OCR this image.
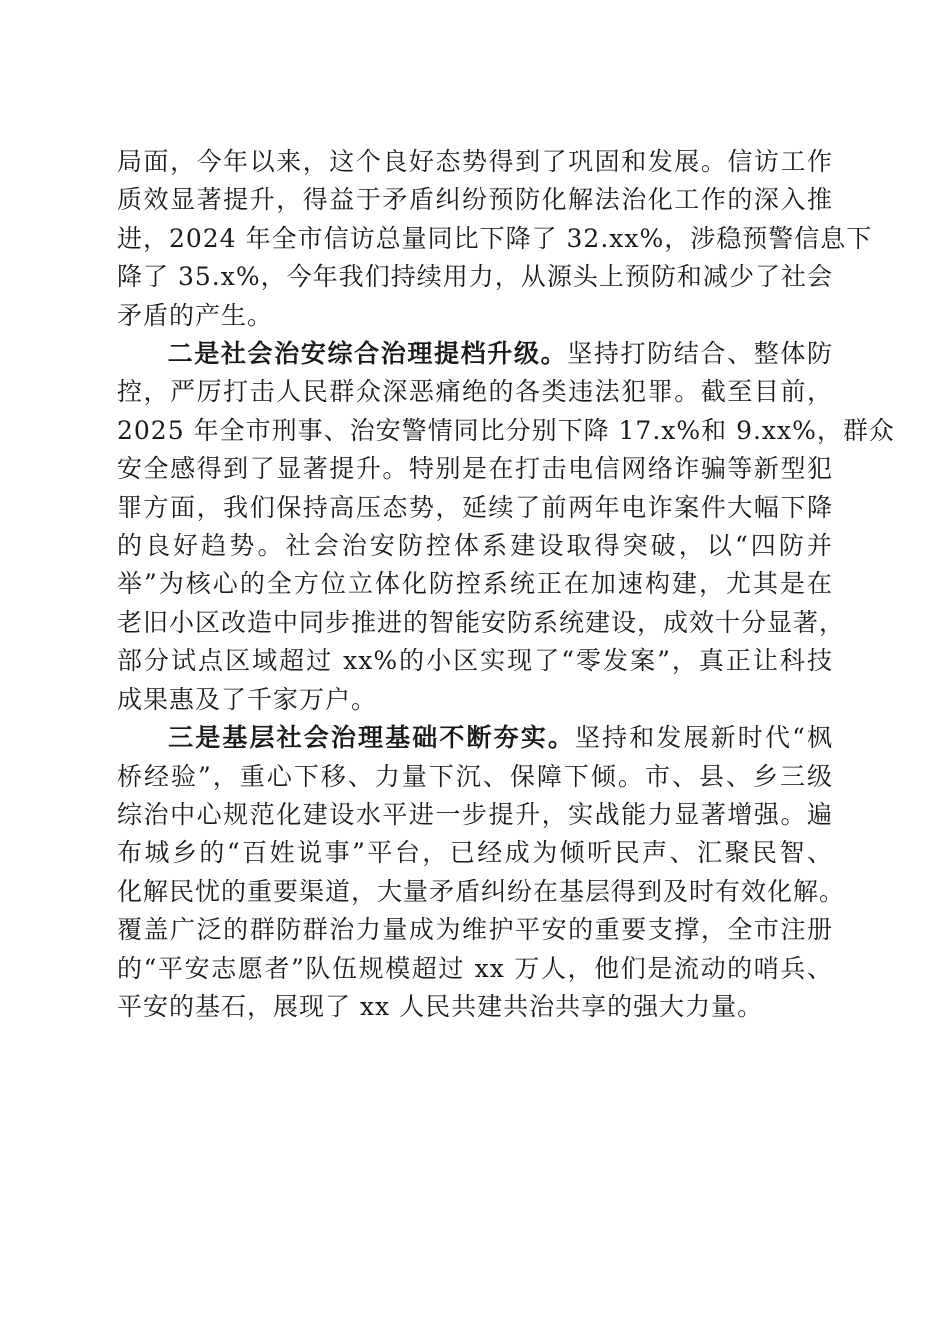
局面，今年以来，这个良好态势得到了巩固和发展。信访工作
质效显著提升，得益于矛盾纠纷预防化解法治化工作的深入推
进，2024 年全市信访总量同比下降了 32.xx%，涉稳预警信息下
降了 35.x%，今年我们持续用力，从源头上预防和减少了社会
矛盾的产生。
二是社会治安综合治理提档升级。坚持打防结合、整体防
控，严厉打击人民群众深恶痛绝的各类违法犯罪。截至目前，
2025 年全市刑事、治安警情同比分别下降 17.x%和 9.xx%，群众
安全感得到了显著提升。特别是在打击电信网络诈骗等新型犯
罪方面，我们保持高压态势，延续了前两年电诈案件大幅下降
的良好趋势。社会治安防控体系建设取得突破，以“四防并
举”为核心的全方位立体化防控系统正在加速构建，尤其是在
老旧小区改造中同步推进的智能安防系统建设，成效十分显著，
部分试点区域超过 xx%的小区实现了“零发案”，真正让科技
成果惠及了千家万户。
三是基层社会治理基础不断夯实。坚持和发展新时代“枫
桥经验”，重心下移、力量下沉、保障下倾。市、县、乡三级
综治中心规范化建设水平进一步提升，实战能力显著增强。遍
布城乡的“百姓说事”平台，已经成为倾听民声、汇聚民智、
化解民忧的重要渠道，大量矛盾纠纷在基层得到及时有效化解。
覆盖广泛的群防群治力量成为维护平安的重要支撑，全市注册
的“平安志愿者”队伍规模超过 xx 万人，他们是流动的哨兵、
平安的基石，展现了 xx 人民共建共治共享的强大力量。
